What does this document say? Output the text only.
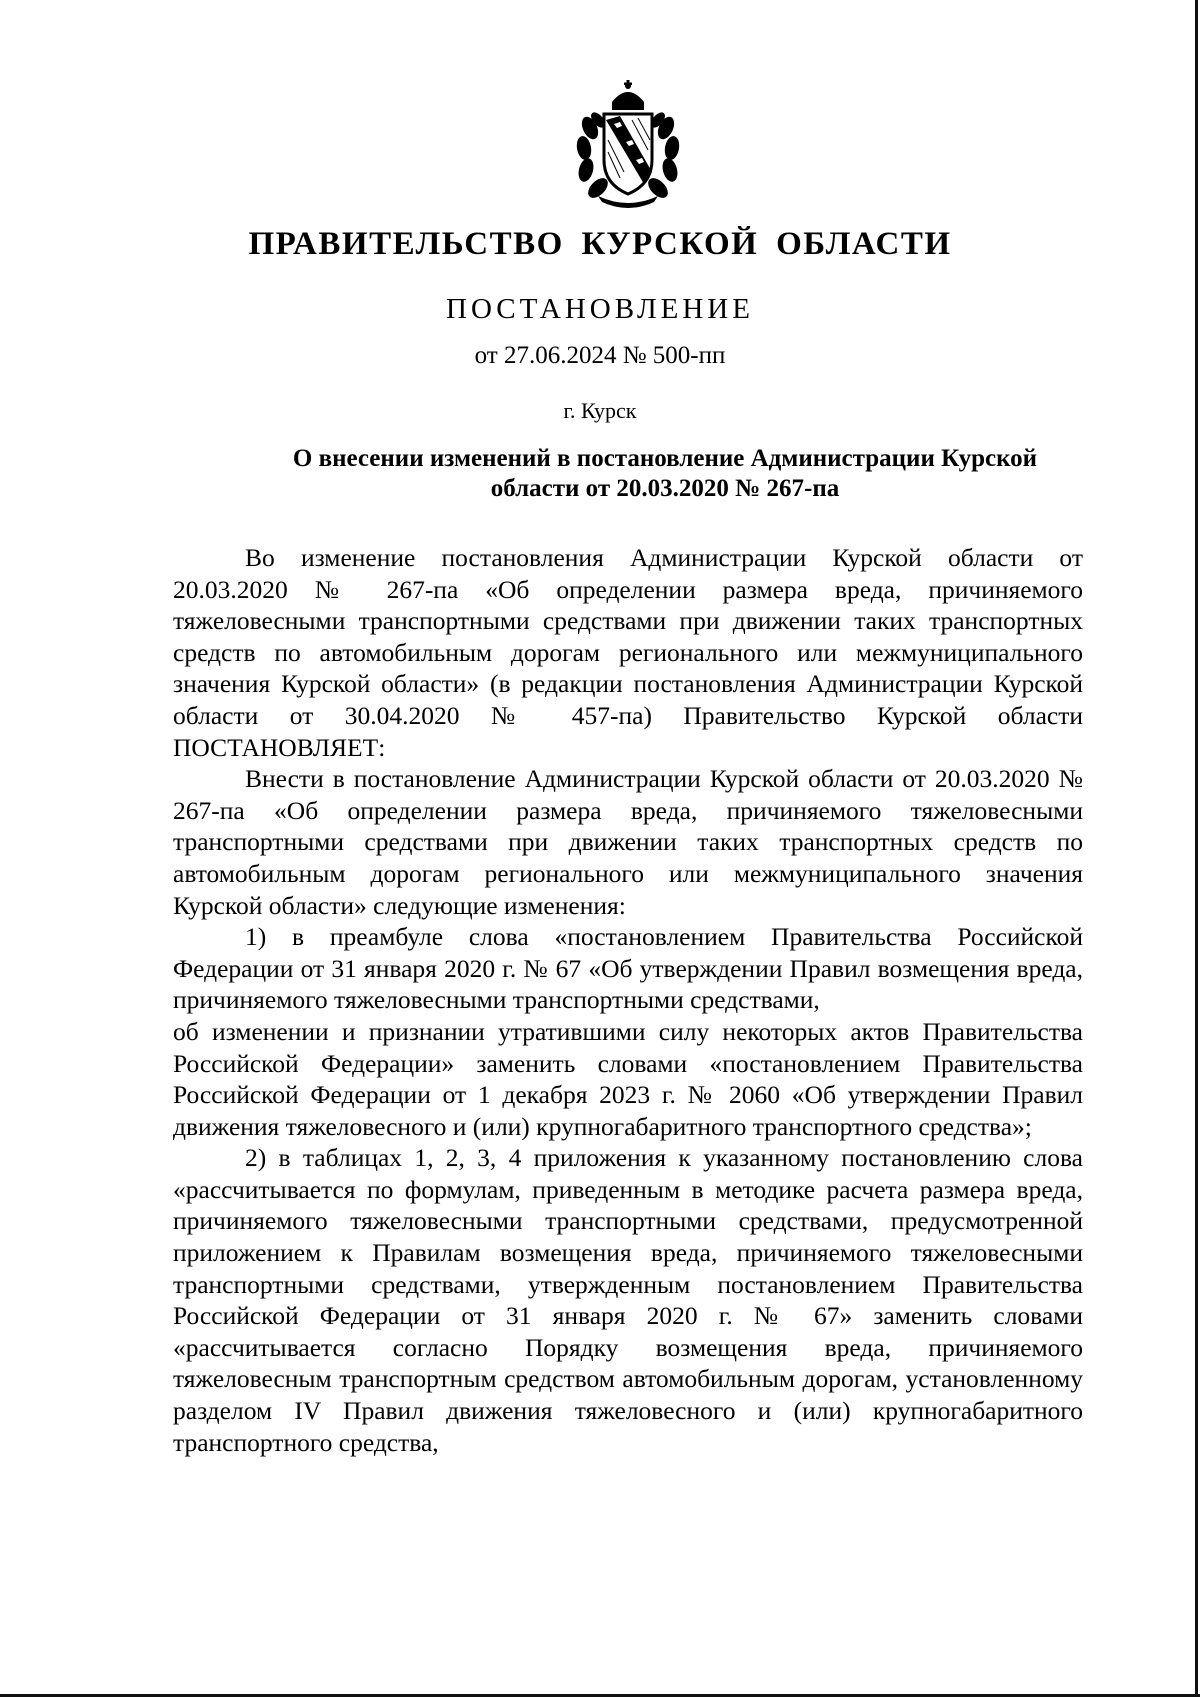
ПРАВИТЕЛЬСТВО КУРСКОЙ ОБЛАСТИ
ПОСТАНОВЛЕНИЕ
от 27.06.2024 № 500-пп
г. Курск
О внесении изменений в постановление Администрации Курской
области от 20.03.2020 № 267-па

Во изменение постановления Администрации Курской области от 20.03.2020 № 267-па «Об определении размера вреда, причиняемого тяжеловесными транспортными средствами при движении таких транспортных средств по автомобильным дорогам регионального или межмуниципального значения Курской области» (в редакции постановления Администрации Курской области от 30.04.2020 № 457-па) Правительство Курской области ПОСТАНОВЛЯЕТ:

Внести в постановление Администрации Курской области от 20.03.2020 № 267-па «Об определении размера вреда, причиняемого тяжеловесными транспортными средствами при движении таких транспортных средств по автомобильным дорогам регионального или межмуниципального значения Курской области» следующие изменения:

1) в преамбуле слова «постановлением Правительства Российской Федерации от 31 января 2020 г. № 67 «Об утверждении Правил возмещения вреда, причиняемого тяжеловесными транспортными средствами,

об изменении и признании утратившими силу некоторых актов Правительства Российской Федерации» заменить словами «постановлением Правительства Российской Федерации от 1 декабря 2023 г. № 2060 «Об утверждении Правил движения тяжеловесного и (или) крупногабаритного транспортного средства»;

2) в таблицах 1, 2, 3, 4 приложения к указанному постановлению слова «рассчитывается по формулам, приведенным в методике расчета размера вреда, причиняемого тяжеловесными транспортными средствами, предусмотренной приложением к Правилам возмещения вреда, причиняемого тяжеловесными транспортными средствами, утвержденным постановлением Правительства Российской Федерации от 31 января 2020 г. № 67» заменить словами «рассчитывается согласно Порядку возмещения вреда, причиняемого тяжеловесным транспортным средством автомобильным дорогам, установленному разделом IV Правил движения тяжеловесного и (или) крупногабаритного транспортного средства,
